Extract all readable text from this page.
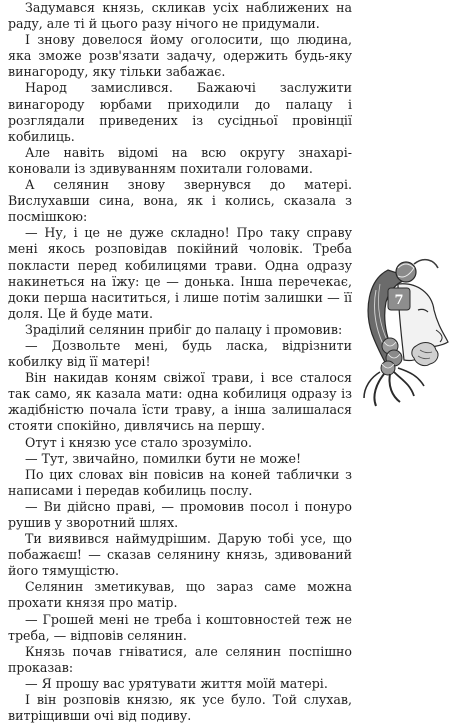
Задумався князь, скликав усіх наближених на раду, але ті й цього разу нічого не придумали.

І знову довелося йому оголосити, що людина, яка зможе розв'язати задачу, одержить будь-яку винагороду, яку тільки забажає.

Народ замислився. Бажаючі заслужити винагороду юрбами приходили до палацу і розглядали приведених із сусідньої провінції кобилиць.

Але навіть відомі на всю округу знахарі-коновали із здивуванням похитали головами.

А селянин знову звернувся до матері. Вислухавши сина, вона, як і колись, сказала з посмішкою:

— Ну, і це не дуже складно! Про таку справу мені якось розповідав покійний чоловік. Треба покласти перед кобилицями трави. Одна одразу накинеться на їжу: це — донька. Інша перечекає, доки перша насититься, і лише потім залишки — її доля. Це й буде мати.

Зраділий селянин прибіг до палацу і промовив:

— Дозвольте мені, будь ласка, відрізнити кобилку від її матері!

Він накидав коням свіжої трави, і все сталося так само, як казала мати: одна кобилиця одразу із жадібністю почала їсти траву, а інша залишалася стояти спокійно, дивлячись на першу.

Отут і князю усе стало зрозуміло.

— Тут, звичайно, помилки бути не може!

По цих словах він повісив на коней таблички з написами і передав кобилиць послу.

— Ви дійсно праві, — промовив посол і понуро рушив у зворотний шлях.

Ти виявився наймудрішим. Дарую тобі усе, що побажаєш! — сказав селянину князь, здивований його тямущістю.

Селянин зметикував, що зараз саме можна прохати князя про матір.

— Грошей мені не треба і коштовностей теж не треба, — відповів селянин.

Князь почав гніватися, але селянин поспішно проказав:

— Я прошу вас урятувати життя моїй матері.

І він розповів князю, як усе було. Той слухав, витріщивши очі від подиву.

7
